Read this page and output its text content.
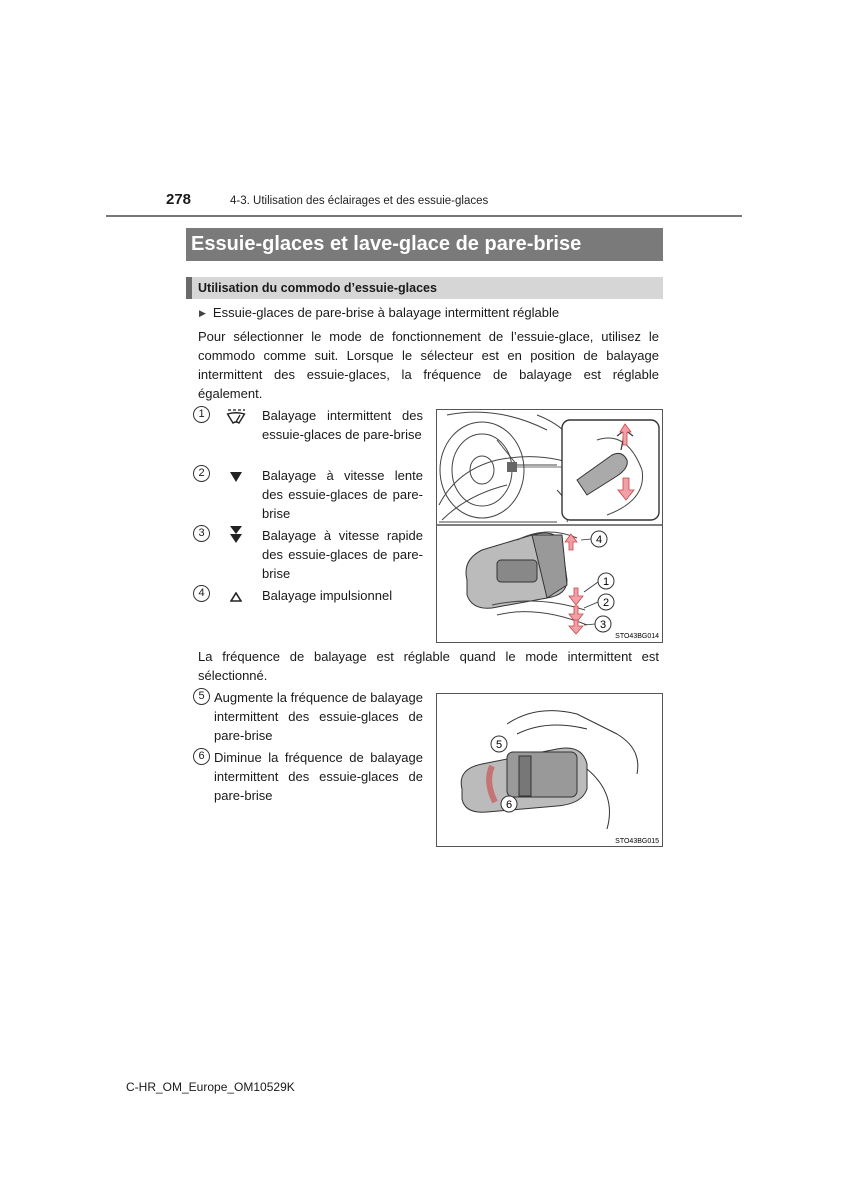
278	4-3. Utilisation des éclairages et des essuie-glaces
Essuie-glaces et lave-glace de pare-brise
Utilisation du commodo d’essuie-glaces
▶ Essuie-glaces de pare-brise à balayage intermittent réglable
Pour sélectionner le mode de fonctionnement de l’essuie-glace, utilisez le commodo comme suit. Lorsque le sélecteur est en position de balayage intermittent des essuie-glaces, la fréquence de balayage est réglable également.
1	Balayage intermittent des essuie-glaces de pare-brise
2	Balayage à vitesse lente des essuie-glaces de pare-brise
3	Balayage à vitesse rapide des essuie-glaces de pare-brise
4	Balayage impulsionnel
4
1
2
3
STO43BG014
La fréquence de balayage est réglable quand le mode intermittent est sélectionné.
5 Augmente la fréquence de balayage intermittent des essuie-glaces de pare-brise
6 Diminue la fréquence de balayage intermittent des essuie-glaces de pare-brise
5
6
STO43BG015
C-HR_OM_Europe_OM10529K
